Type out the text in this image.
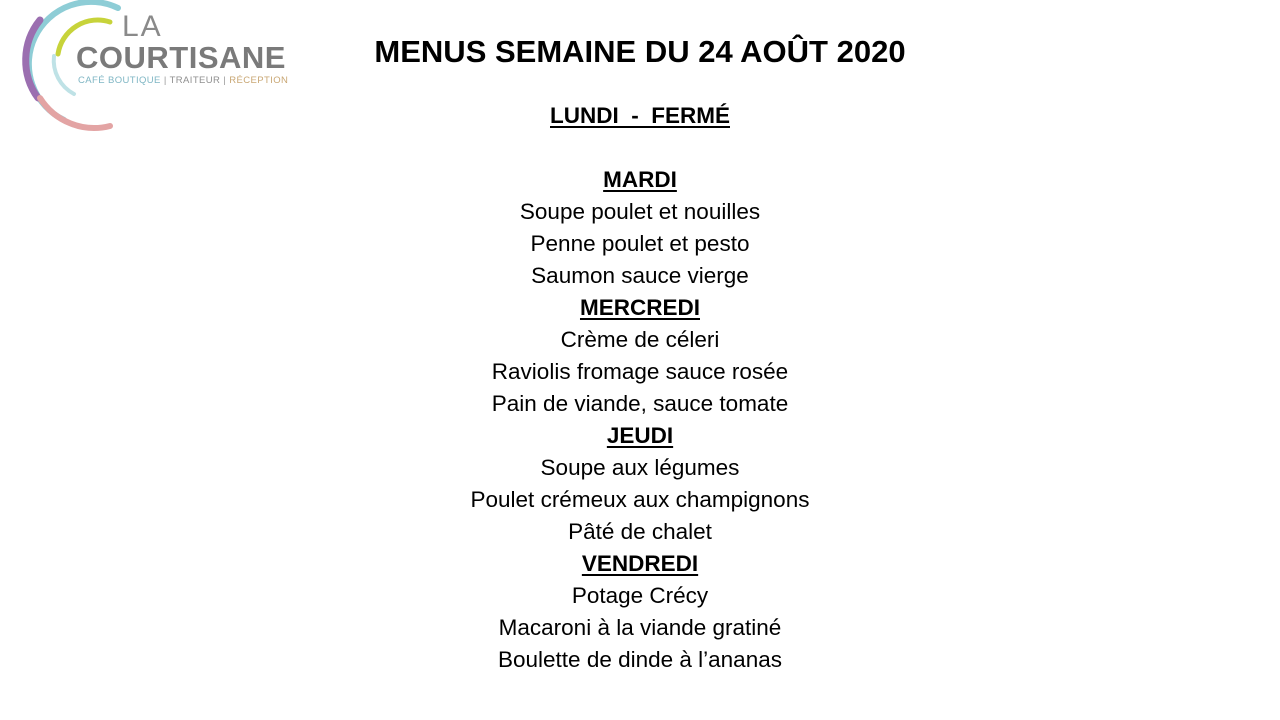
LA
COURTISANE
CAFÉ BOUTIQUE | TRAITEUR | RÉCEPTION
MENUS SEMAINE DU 24 AOÛT 2020
LUNDI  -  FERMÉ
MARDI
Soupe poulet et nouilles
Penne poulet et pesto
Saumon sauce vierge
MERCREDI
Crème de céleri
Raviolis fromage sauce rosée
Pain de viande, sauce tomate
JEUDI
Soupe aux légumes
Poulet crémeux aux champignons
Pâté de chalet
VENDREDI
Potage Crécy
Macaroni à la viande gratiné
Boulette de dinde à l’ananas
